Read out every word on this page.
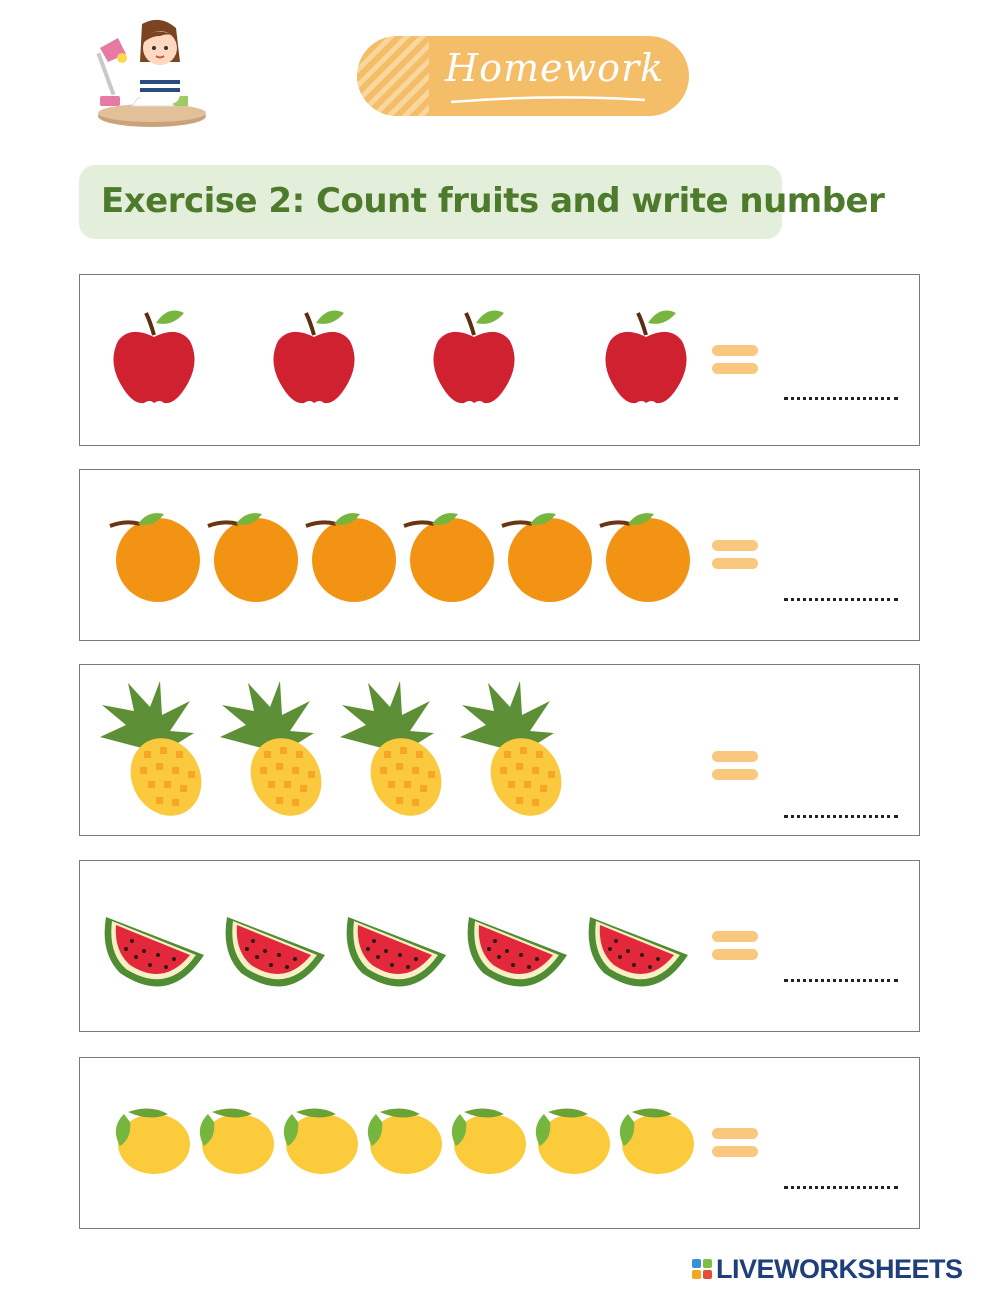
Homework
Exercise 2: Count fruits and write number
LIVEWORKSHEETS
